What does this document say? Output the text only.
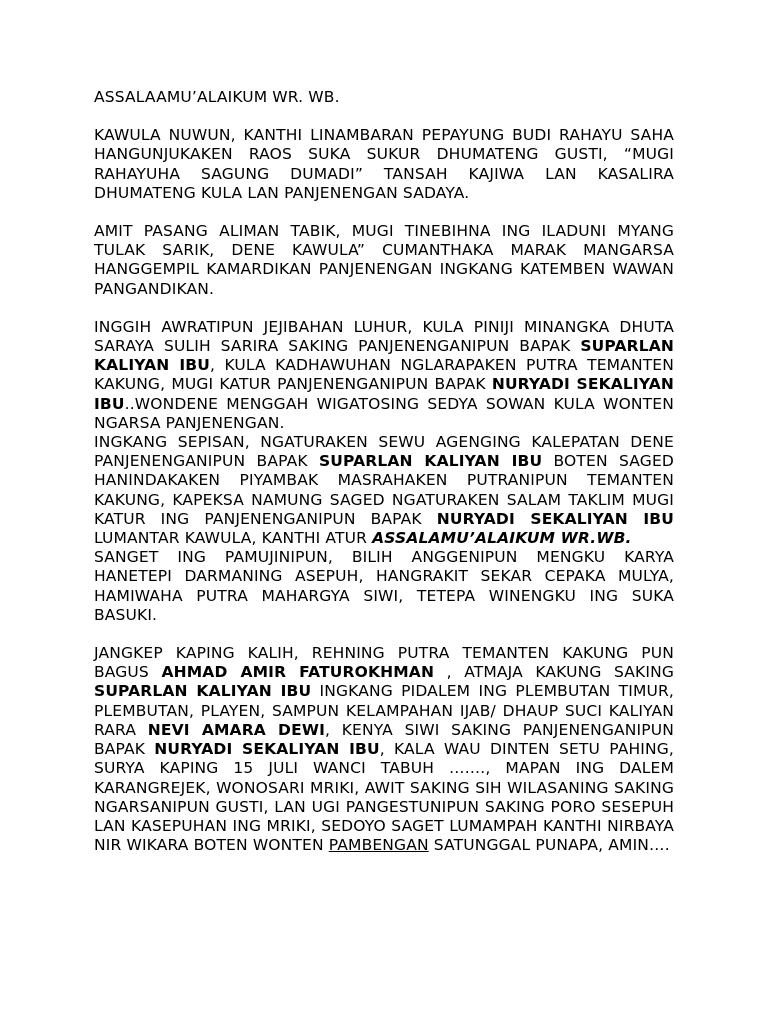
ASSALAAMU’ALAIKUM WR. WB.

KAWULA NUWUN, KANTHI LINAMBARAN PEPAYUNG BUDI RAHAYU SAHA HANGUNJUKAKEN RAOS SUKA SUKUR DHUMATENG GUSTI, “MUGI RAHAYUHA SAGUNG DUMADI” TANSAH KAJIWA LAN KASALIRA DHUMATENG KULA LAN PANJENENGAN SADAYA.

AMIT PASANG ALIMAN TABIK, MUGI TINEBIHNA ING ILADUNI MYANG TULAK SARIK, DENE KAWULA” CUMANTHAKA MARAK MANGARSA HANGGEMPIL KAMARDIKAN PANJENENGAN INGKANG KATEMBEN WAWAN PANGANDIKAN.

INGGIH AWRATIPUN JEJIBAHAN LUHUR, KULA PINIJI MINANGKA DHUTA SARAYA SULIH SARIRA SAKING PANJENENGANIPUN BAPAK SUPARLAN KALIYAN IBU, KULA KADHAWUHAN NGLARAPAKEN PUTRA TEMANTEN KAKUNG, MUGI KATUR PANJENENGANIPUN BAPAK NURYADI SEKALIYAN IBU..WONDENE MENGGAH WIGATOSING SEDYA SOWAN KULA WONTEN NGARSA PANJENENGAN.

INGKANG SEPISAN, NGATURAKEN SEWU AGENGING KALEPATAN DENE PANJENENGANIPUN BAPAK SUPARLAN KALIYAN IBU BOTEN SAGED HANINDAKAKEN PIYAMBAK MASRAHAKEN PUTRANIPUN TEMANTEN KAKUNG, KAPEKSA NAMUNG SAGED NGATURAKEN SALAM TAKLIM MUGI KATUR ING PANJENENGANIPUN BAPAK NURYADI SEKALIYAN IBU LUMANTAR KAWULA, KANTHI ATUR ASSALAMU’ALAIKUM WR.WB.

SANGET ING PAMUJINIPUN, BILIH ANGGENIPUN MENGKU KARYA HANETEPI DARMANING ASEPUH, HANGRAKIT SEKAR CEPAKA MULYA, HAMIWAHA PUTRA MAHARGYA SIWI, TETEPA WINENGKU ING SUKA BASUKI.

JANGKEP KAPING KALIH, REHNING PUTRA TEMANTEN KAKUNG PUN BAGUS AHMAD AMIR FATUROKHMAN , ATMAJA KAKUNG SAKING SUPARLAN KALIYAN IBU INGKANG PIDALEM ING PLEMBUTAN TIMUR, PLEMBUTAN, PLAYEN, SAMPUN KELAMPAHAN IJAB/ DHAUP SUCI KALIYAN RARA NEVI AMARA DEWI, KENYA SIWI SAKING PANJENENGANIPUN BAPAK NURYADI SEKALIYAN IBU, KALA WAU DINTEN SETU PAHING, SURYA KAPING 15 JULI WANCI TABUH ……., MAPAN ING DALEM KARANGREJEK, WONOSARI MRIKI, AWIT SAKING SIH WILASANING SAKING NGARSANIPUN GUSTI, LAN UGI PANGESTUNIPUN SAKING PORO SESEPUH LAN KASEPUHAN ING MRIKI, SEDOYO SAGET LUMAMPAH KANTHI NIRBAYA NIR WIKARA BOTEN WONTEN PAMBENGAN SATUNGGAL PUNAPA, AMIN….
